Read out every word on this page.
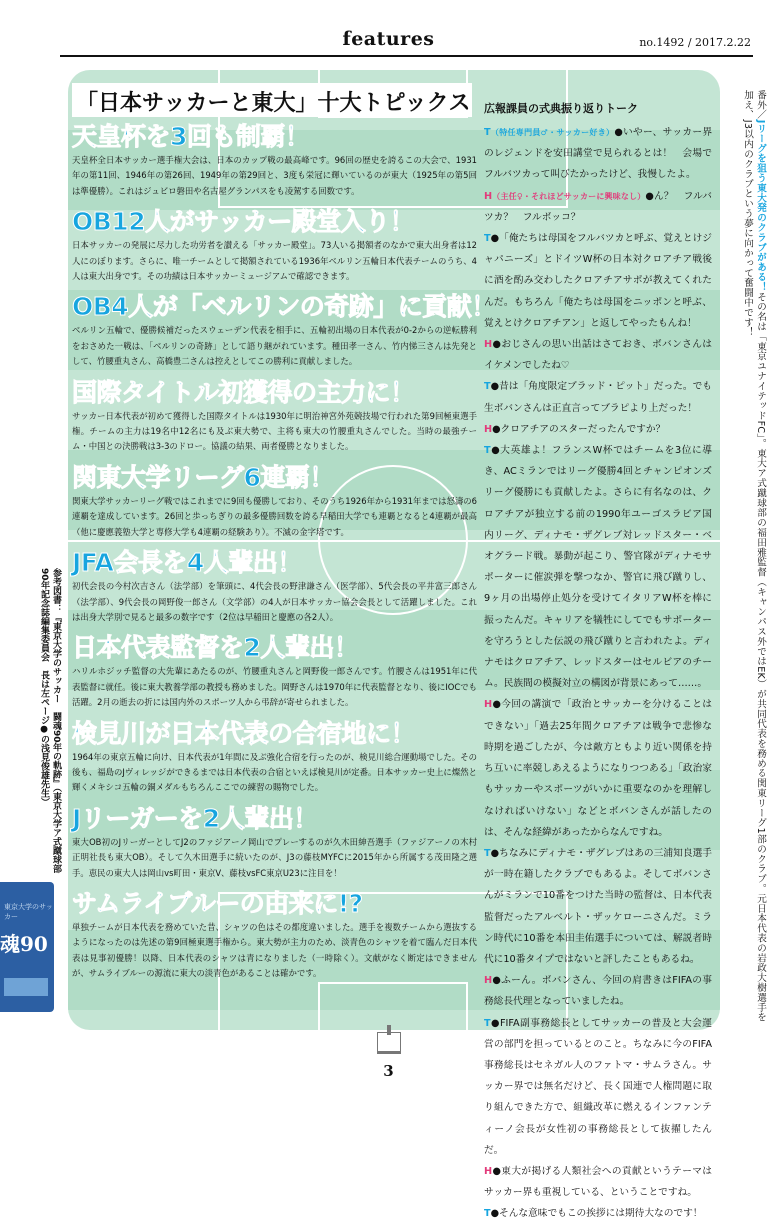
features	no.1492 / 2017.2.22
「日本サッカーと東大」十大トピックス
天皇杯を3回も制覇！

天皇杯全日本サッカー選手権大会は、日本のカップ戦の最高峰です。96回の歴史を誇るこの大会で、1931年の第11回、1946年の第26回、1949年の第29回と、3度も栄冠に輝いているのが東大（1925年の第5回は準優勝）。これはジュビロ磐田や名古屋グランパスをも凌駕する回数です。

OB12人がサッカー殿堂入り！

日本サッカーの発展に尽力した功労者を讃える「サッカー殿堂」。73人いる掲額者のなかで東大出身者は12人にのぼります。さらに、唯一チームとして掲額されている1936年ベルリン五輪日本代表チームのうち、4人は東大出身です。その功績は日本サッカーミュージアムで確認できます。

OB4人が「ベルリンの奇跡」に貢献！

ベルリン五輪で、優勝候補だったスウェーデン代表を相手に、五輪初出場の日本代表が0-2からの逆転勝利をおさめた一戦は、「ベルリンの奇跡」として語り継がれています。種田孝一さん、竹内悌三さんは先発として、竹腰重丸さん、高橋豊二さんは控えとしてこの勝利に貢献しました。

国際タイトル初獲得の主力に！

サッカー日本代表が初めて獲得した国際タイトルは1930年に明治神宮外苑競技場で行われた第9回極東選手権。チームの主力は19名中12名にも及ぶ東大勢で、主将も東大の竹腰重丸さんでした。当時の最強チーム・中国との決勝戦は3-3のドロー。協議の結果、両者優勝となりました。

関東大学リーグ6連覇！

関東大学サッカーリーグ戦ではこれまでに9回も優勝しており、そのうち1926年から1931年までは怒濤の6連覇を達成しています。26回と歩っちぎりの最多優勝回数を誇る早稲田大学でも連覇となると4連覇が最高（他に慶應義塾大学と専修大学も4連覇の経験あり）。不滅の金字塔です。

JFA会長を4人輩出！

初代会長の今村次吉さん（法学部）を筆頭に、4代会長の野津謙さん（医学部）、5代会長の平井富三郎さん（法学部）、9代会長の岡野俊一郎さん（文学部）の4人が日本サッカー協会会長として活躍しました。これは出身大学別で見ると最多の数字です（2位は早稲田と慶應の各2人）。

日本代表監督を2人輩出！

ハリルホジッチ監督の大先輩にあたるのが、竹腰重丸さんと岡野俊一郎さんです。竹腰さんは1951年に代表監督に就任。後に東大教養学部の教授も務めました。岡野さんは1970年に代表監督となり、後にIOCでも活躍。2月の逝去の折には国内外のスポーツ人から弔辞が寄せられました。

検見川が日本代表の合宿地に！

1964年の東京五輪に向け、日本代表が1年間に及ぶ強化合宿を行ったのが、検見川総合運動場でした。その後も、福島のJヴィレッジができるまでは日本代表の合宿といえば検見川が定番。日本サッカー史上に燦然と輝くメキシコ五輪の銅メダルもちろんここでの練習の賜物でした。

Jリーガーを2人輩出！

東大OB初のJリーガーとしてJ2のファジアーノ岡山でプレーするのが久木田紳吾選手（ファジアーノの木村正明社長も東大OB）。そして久木田選手に続いたのが、J3の藤枝MYFCに2015年から所属する茂田隆之選手。恵民の東大人は岡山vs町田・東京V、藤枝vsFC東京U23に注目を！

サムライブルーの由来に!?

単独チームが日本代表を務めていた昔、シャツの色はその都度違いました。選手を複数チームから選抜するようになったのは先述の第9回極東選手権から。東大勢が主力のため、淡青色のシャツを着て臨んだ日本代表は見事初優勝！以降、日本代表のシャツは青になりました（一時除く）。文献がなく断定はできませんが、サムライブルーの源流に東大の淡青色があることは確かです。

広報課員の式典振り返りトーク
T（特任専門員♂・サッカー好き）●いやー、サッカー界のレジェンドを安田講堂で見られるとは！　会場でフルバツカって叫びたかったけど、我慢したよ。
H（主任♀・それほどサッカーに興味なし）●ん？　フルバツカ？　フルボッコ？
T●「俺たちは母国をフルバツカと呼ぶ、覚えとけジャパニーズ」とドイツW杯の日本対クロアチア戦後に酒を酌み交わしたクロアチアサポが教えてくれたんだ。もちろん「俺たちは母国をニッポンと呼ぶ、覚えとけクロアチアン」と返してやったもんね！
H●おじさんの思い出話はさておき、ボバンさんはイケメンでしたね♡
T●昔は「角度限定ブラッド・ピット」だった。でも生ボバンさんは正直言ってブラピより上だった！
H●クロアチアのスターだったんですか？
T●大英雄よ！フランスW杯ではチームを3位に導き、ACミランではリーグ優勝4回とチャンピオンズリーグ優勝にも貢献したよ。さらに有名なのは、クロアチアが独立する前の1990年ユーゴスラビア国内リーグ、ディナモ・ザグレブ対レッドスター・ベオグラード戦。暴動が起こり、警官隊がディナモサポーターに催涙弾を撃つなか、警官に飛び蹴りし、9ヶ月の出場停止処分を受けてイタリアW杯を棒に振ったんだ。キャリアを犠牲にしてでもサポーターを守ろうとした伝説の飛び蹴りと言われたよ。ディナモはクロアチア、レッドスターはセルビアのチーム。民族間の模擬対立の構図が背景にあって……。
H●今回の講演で「政治とサッカーを分けることはできない」「過去25年間クロアチアは戦争で悲惨な時期を過ごしたが、今は敵方ともより近い関係を持ち互いに率競しあえるようになりつつある」「政治家もサッカーやスポーツがいかに重要なのかを理解しなければいけない」などとボバンさんが話したのは、そんな経緯があったからなんですね。
T●ちなみにディナモ・ザグレブはあの三浦知良選手が一時在籍したクラブでもあるよ。そしてボバンさんがミランで10番をつけた当時の監督は、日本代表監督だったアルベルト・ザッケローニさんだ。ミラン時代に10番を本田圭佑選手については、解説者時代に10番タイプではないと評したこともあるね。
H●ふーん。ボバンさん、今回の肩書きはFIFAの事務総長代理となっていましたね。
T●FIFA副事務総長としてサッカーの普及と大会運営の部門を担っているとのこと。ちなみに今のFIFA事務総長はセネガル人のファトマ・サムラさん。サッカー界では無名だけど、長く国連で人権問題に取り組んできた方で、組織改革に燃えるインファンティーノ会長が女性初の事務総長として抜擢したんだ。
H●東大が掲げる人類社会への貢献というテーマはサッカー界も重視している、ということですね。
T●そんな意味でもこの挨拶には期待大なのです！
番外／Jリーグを狙う東大発のクラブがある！その名は「東京ユナイテッドFC」。東大ア式蹴球部の福田雅監督（キャンパス外ではEK）が共同代表を務める関東リーグ1部のクラブ。元日本代表の岩政大樹選手を加え、J3以内のクラブという夢に向かって奮闘中です！
参考図書：『東京大学のサッカー　闘魂90年の軌跡』（東京大学ア式蹴球部90年記念誌編集委員会　長は左ページ●の浅見俊雄先生）
東京大学のサッカー
魂90
3
